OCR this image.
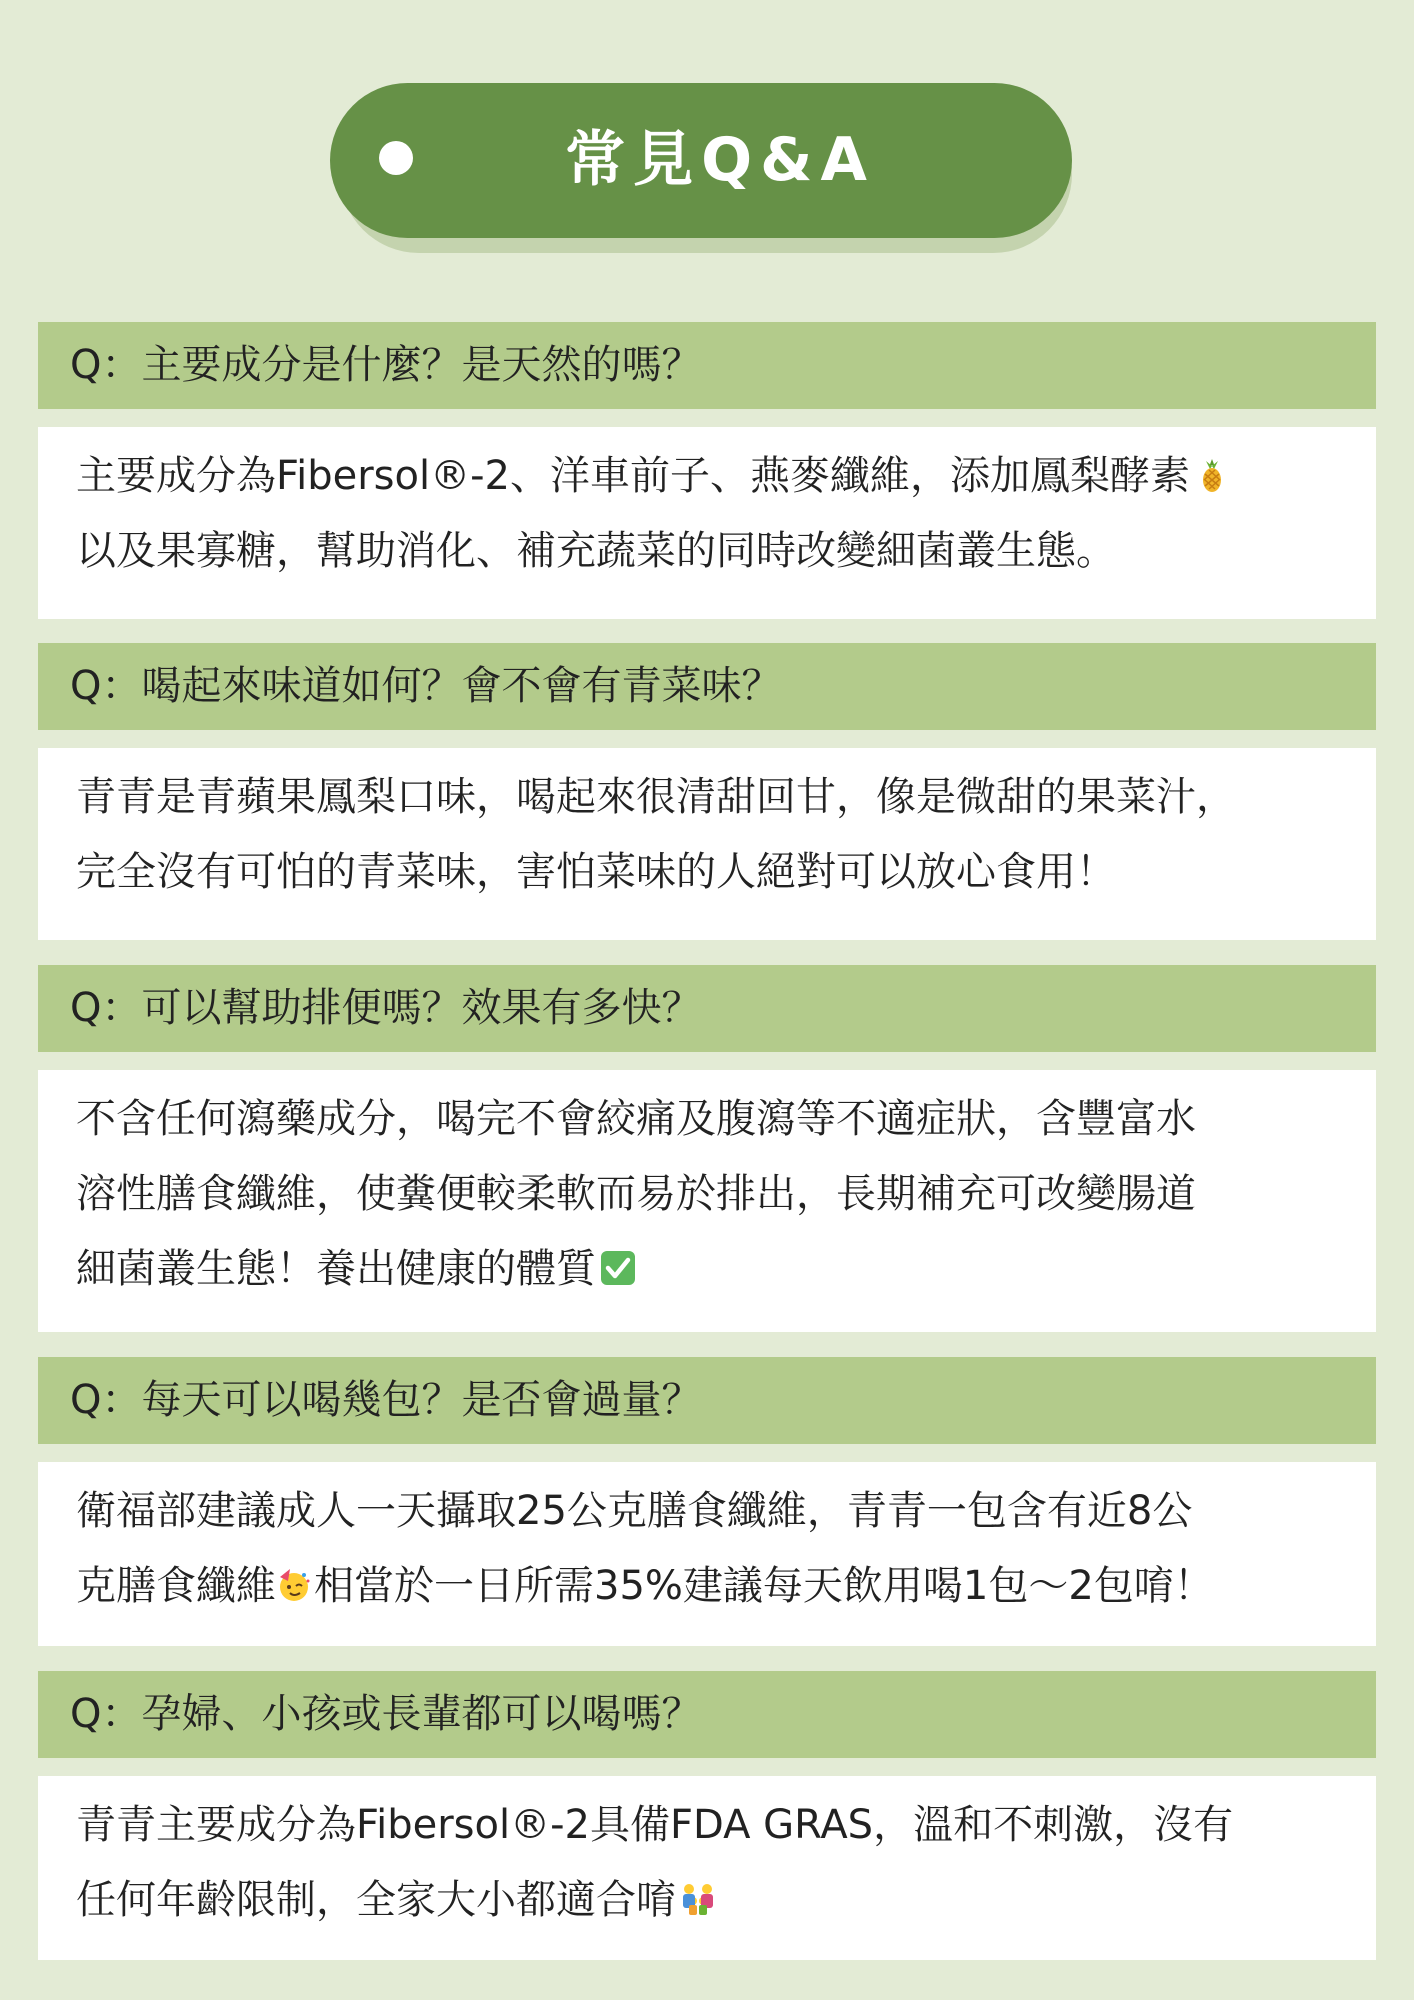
常見Q&A
Q：主要成分是什麼？是天然的嗎？
主要成分為Fibersol®-2、洋車前子、燕麥纖維，添加鳳梨酵素
以及果寡糖，幫助消化、補充蔬菜的同時改變細菌叢生態。
Q：喝起來味道如何？會不會有青菜味？
青青是青蘋果鳳梨口味，喝起來很清甜回甘，像是微甜的果菜汁，
完全沒有可怕的青菜味，害怕菜味的人絕對可以放心食用！
Q：可以幫助排便嗎？效果有多快？
不含任何瀉藥成分，喝完不會絞痛及腹瀉等不適症狀，含豐富水
溶性膳食纖維，使糞便較柔軟而易於排出，長期補充可改變腸道
細菌叢生態！養出健康的體質
Q：每天可以喝幾包？是否會過量？
衛福部建議成人一天攝取25公克膳食纖維，青青一包含有近8公
克膳食纖維 相當於一日所需35%建議每天飲用喝1包～2包唷！
Q：孕婦、小孩或長輩都可以喝嗎？
青青主要成分為Fibersol®-2具備FDA GRAS，溫和不刺激，沒有
任何年齡限制，全家大小都適合唷
